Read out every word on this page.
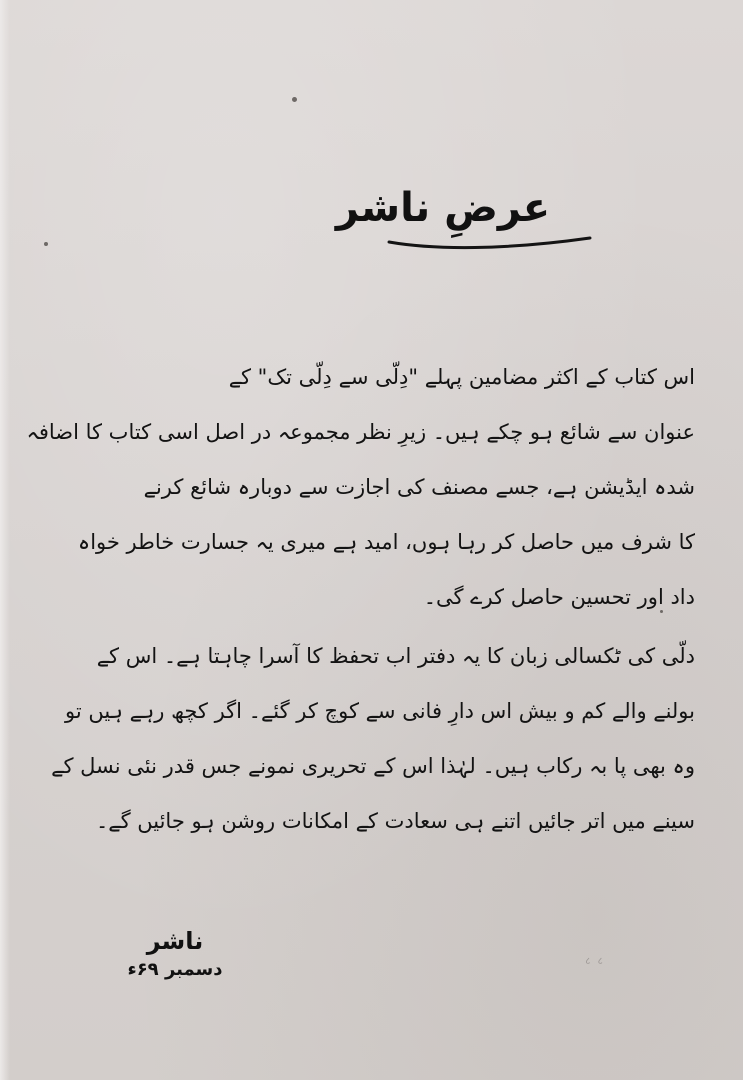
عرضِ ناشر
اس کتاب کے اکثر مضامین پہلے "دِلّی سے دِلّی تک" کے
عنوان سے شائع ہو چکے ہیں۔ زیرِ نظر مجموعہ در اصل اسی کتاب کا اضافہ
شدہ ایڈیشن ہے، جسے مصنف کی اجازت سے دوبارہ شائع کرنے
کا شرف میں حاصل کر رہا ہوں، امید ہے میری یہ جسارت خاطر خواہ
داد اور تحسین حاصل کرے گی۔
دلّی کی ٹکسالی زبان کا یہ دفتر اب تحفظ کا آسرا چاہتا ہے۔ اس کے
بولنے والے کم و بیش اس دارِ فانی سے کوچ کر گئے۔ اگر کچھ رہے ہیں تو
وہ بھی پا بہ رکاب ہیں۔ لہٰذا اس کے تحریری نمونے جس قدر نئی نسل کے
سینے میں اتر جائیں اتنے ہی سعادت کے امکانات روشن ہو جائیں گے۔
ناشر
دسمبر ۶۹ء	८ ८
